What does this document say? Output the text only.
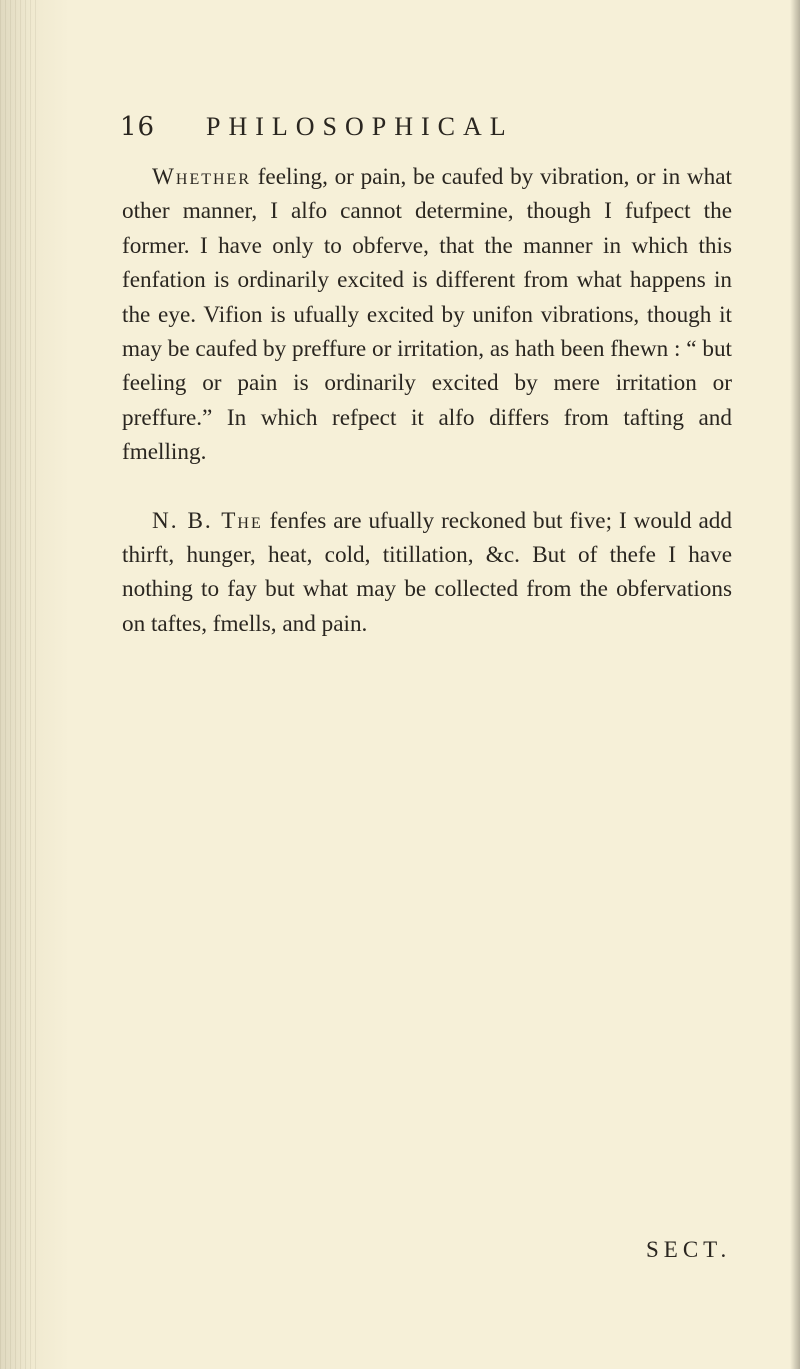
16 PHILOSOPHICAL

Whether feeling, or pain, be caufed by vibration, or in what other manner, I alfo cannot determine, though I fufpect the former. I have only to obferve, that the manner in which this fenfation is ordinarily excited is different from what happens in the eye. Vifion is ufually excited by unifon vibrations, though it may be caufed by preffure or irritation, as hath been fhewn : “ but feeling or pain is ordinarily excited by mere irritation or preffure.” In which refpect it alfo differs from tafting and fmelling.

N. B. The fenfes are ufually reckoned but five; I would add thirft, hunger, heat, cold, titillation, &c. But of thefe I have nothing to fay but what may be collected from the obfervations on taftes, fmells, and pain.

SECT.
